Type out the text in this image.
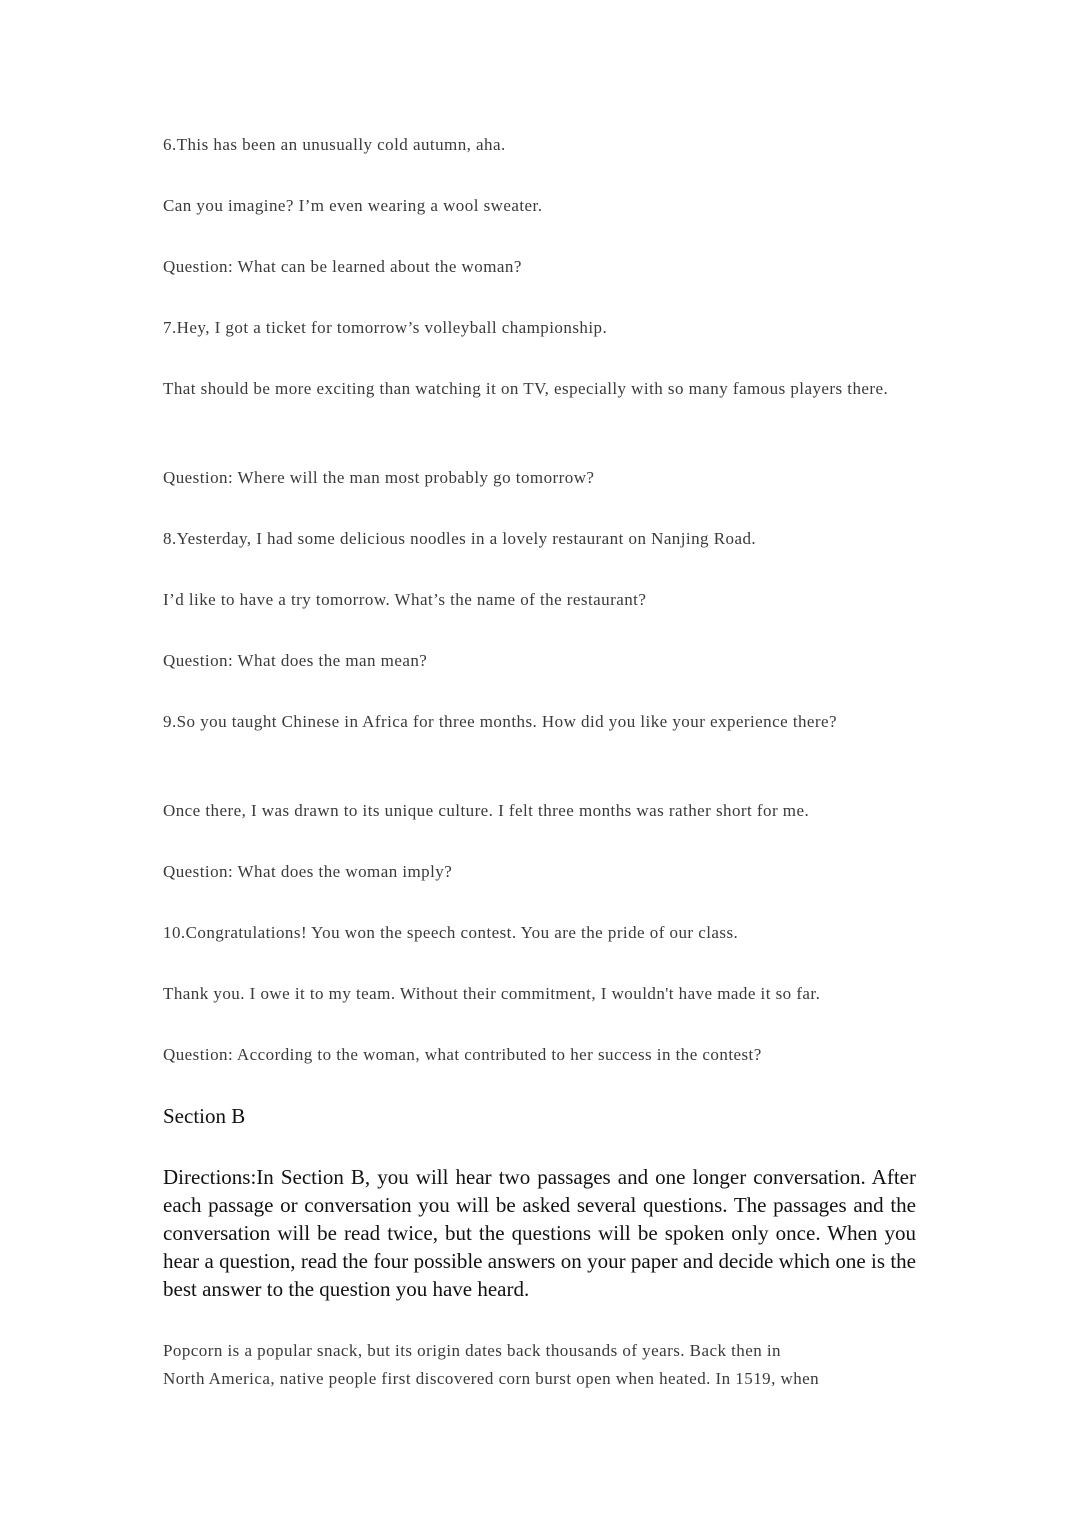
6.This has been an unusually cold autumn, aha.
Can you imagine? I’m even wearing a wool sweater.
Question: What can be learned about the woman?
7.Hey, I got a ticket for tomorrow’s volleyball championship.
That should be more exciting than watching it on TV, especially with so many famous players there.
Question: Where will the man most probably go tomorrow?
8.Yesterday, I had some delicious noodles in a lovely restaurant on Nanjing Road.
I’d like to have a try tomorrow. What’s the name of the restaurant?
Question: What does the man mean?
9.So you taught Chinese in Africa for three months. How did you like your experience there?
Once there, I was drawn to its unique culture. I felt three months was rather short for me.
Question: What does the woman imply?
10.Congratulations! You won the speech contest. You are the pride of our class.
Thank you. I owe it to my team. Without their commitment, I wouldn't have made it so far.
Question: According to the woman, what contributed to her success in the contest?
Section B
Directions:In Section B, you will hear two passages and one longer conversation. After each passage or conversation you will be asked several questions. The passages and the conversation will be read twice, but the questions will be spoken only once. When you hear a question, read the four possible answers on your paper and decide which one is the best answer to the question you have heard.
Popcorn is a popular snack, but its origin dates back thousands of years. Back then in
North America, native people first discovered corn burst open when heated. In 1519, when
